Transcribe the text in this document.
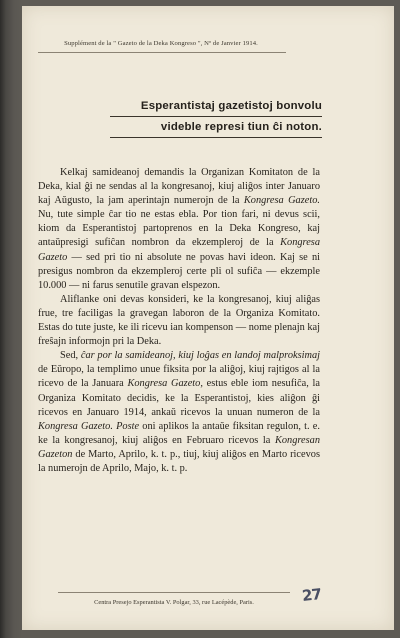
Supplément de la " Gazeto de la Deka Kongreso ", Nº de Janvier 1914.
Esperantistaj gazetistoj bonvolu
videble represi tiun ĉi noton.

Kelkaj samideanoj demandis la Organizan Komitaton de la Deka, kial ĝi ne sendas al la kongresanoj, kiuj aliĝos inter Januaro kaj Aŭgusto, la jam aperintajn numerojn de la Kongresa Gazeto. Nu, tute simple ĉar tio ne estas ebla. Por tion fari, ni devus scii, kiom da Esperantistoj partoprenos en la Deka Kongreso, kaj antaŭpresigi sufiĉan nombron da ekzempleroj de la Kongresa Gazeto — sed pri tio ni absolute ne povas havi ideon. Kaj se ni presigus nombron da ekzempleroj certe pli ol sufiĉa — ekzemple 10.000 — ni farus senutile gravan elspezon.

Aliflanke oni devas konsideri, ke la kongresanoj, kiuj aliĝas frue, tre faciligas la gravegan laboron de la Organiza Komitato. Estas do tute juste, ke ili ricevu ian kompenson — nome plenajn kaj freŝajn informojn pri la Deka.

Sed, ĉar por la samideanoj, kiuj loĝas en landoj malproksimaj de Eŭropo, la templimo unue fiksita por la aliĝoj, kiuj rajtigos al la ricevo de la Januara Kongresa Gazeto, estus eble iom nesufiĉa, la Organiza Komitato decidis, ke la Esperantistoj, kies aliĝon ĝi ricevos en Januaro 1914, ankaŭ ricevos la unuan numeron de la Kongresa Gazeto. Poste oni aplikos la antaŭe fiksitan regulon, t. e. ke la kongresanoj, kiuj aliĝos en Februaro ricevos la Kongresan Gazeton de Marto, Aprilo, k. t. p., tiuj, kiuj aliĝos en Marto ricevos la numerojn de Aprilo, Majo, k. t. p.

Centra Presejo Esperantista V. Polgar, 33, rue Lacépède, Paris.	27
